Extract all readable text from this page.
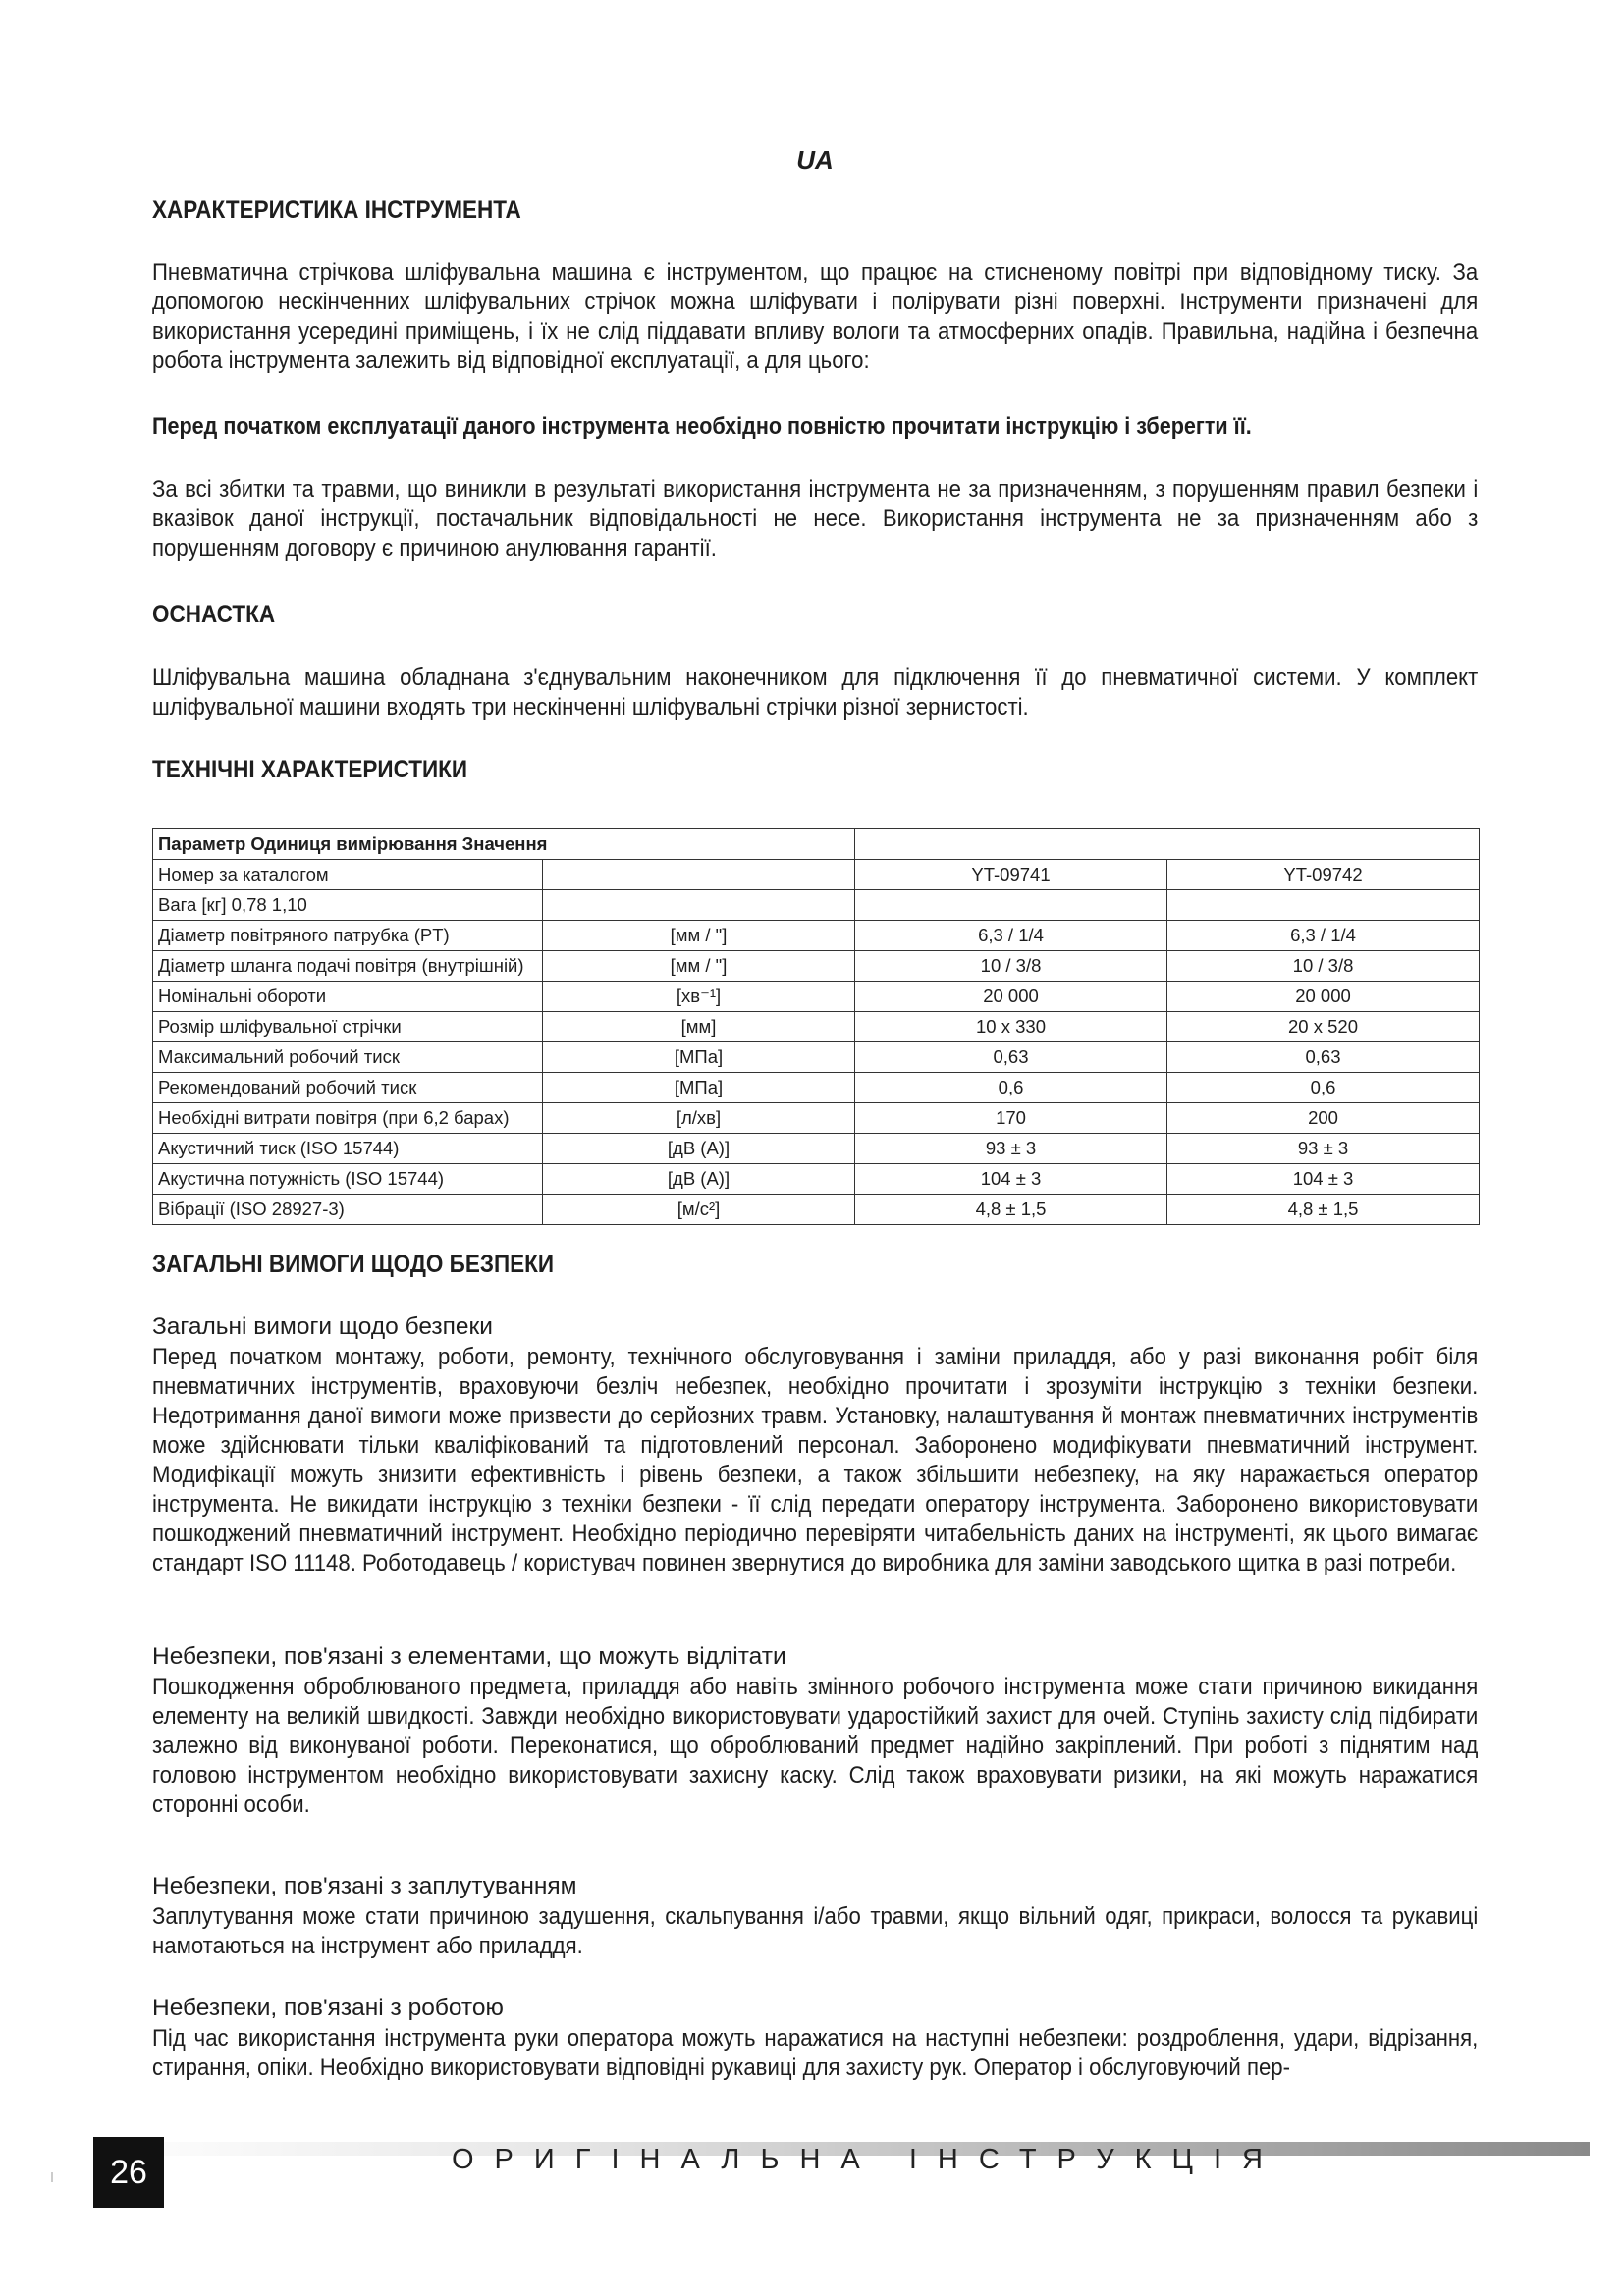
UA
ХАРАКТЕРИСТИКА ІНСТРУМЕНТА
Пневматична стрічкова шліфувальна машина є інструментом, що працює на стисненому повітрі при відповідному тиску. За допомогою нескінченних шліфувальних стрічок можна шліфувати і полірувати різні поверхні. Інструменти призначені для використання усередині приміщень, і їх не слід піддавати впливу вологи та атмосферних опадів. Правильна, надійна і безпечна робота інструмента залежить від відповідної експлуатації, а для цього:
Перед початком експлуатації даного інструмента необхідно повністю прочитати інструкцію і зберегти її.
За всі збитки та травми, що виникли в результаті використання інструмента не за призначенням, з порушенням правил безпеки і вказівок даної інструкції, постачальник відповідальності не несе. Використання інструмента не за призначенням або з порушенням договору є причиною анулювання гарантії.
ОСНАСТКА
Шліфувальна машина обладнана з'єднувальним наконечником для підключення її до пневматичної системи. У комплект шліфувальної машини входять три нескінченні шліфувальні стрічки різної зернистості.
ТЕХНІЧНІ ХАРАКТЕРИСТИКИ
Параметр Одиниця вимірювання Значення			
Номер за каталогом		YT-09741	YT-09742
Вага [кг] 0,78 1,10			
Діаметр повітряного патрубка (PT)	[мм / "]	6,3 / 1/4	6,3 / 1/4
Діаметр шланга подачі повітря (внутрішній)	[мм / "]	10 / 3/8	10 / 3/8
Номінальні обороти	[хв⁻¹]	20 000	20 000
Розмір шліфувальної стрічки	[мм]	10 x 330	20 x 520
Максимальний робочий тиск	[МПа]	0,63	0,63
Рекомендований робочий тиск	[МПа]	0,6	0,6
Необхідні витрати повітря (при 6,2 барах)	[л/хв]	170	200
Акустичний тиск (ISO 15744)	[дВ (А)]	93 ± 3	93 ± 3
Акустична потужність (ISO 15744)	[дВ (А)]	104 ± 3	104 ± 3
Вібрації (ISO 28927-3)	[м/с²]	4,8 ± 1,5	4,8 ± 1,5
ЗАГАЛЬНІ ВИМОГИ ЩОДО БЕЗПЕКИ
Загальні вимоги щодо безпеки
Перед початком монтажу, роботи, ремонту, технічного обслуговування і заміни приладдя, або у разі виконання робіт біля пневматичних інструментів, враховуючи безліч небезпек, необхідно прочитати і зрозуміти інструкцію з техніки безпеки. Недотримання даної вимоги може призвести до серйозних травм. Установку, налаштування й монтаж пневматичних інструментів може здійснювати тільки кваліфікований та підготовлений персонал. Заборонено модифікувати пневматичний інструмент. Модифікації можуть знизити ефективність і рівень безпеки, а також збільшити небезпеку, на яку наражається оператор інструмента. Не викидати інструкцію з техніки безпеки - її слід передати оператору інструмента. Заборонено використовувати пошкоджений пневматичний інструмент. Необхідно періодично перевіряти читабельність даних на інструменті, як цього вимагає стандарт ISO 11148. Роботодавець / користувач повинен звернутися до виробника для заміни заводського щитка в разі потреби.
Небезпеки, пов'язані з елементами, що можуть відлітати
Пошкодження оброблюваного предмета, приладдя або навіть змінного робочого інструмента може стати причиною викидання елементу на великій швидкості. Завжди необхідно використовувати ударостійкий захист для очей. Ступінь захисту слід підбирати залежно від виконуваної роботи. Переконатися, що оброблюваний предмет надійно закріплений. При роботі з піднятим над головою інструментом необхідно використовувати захисну каску. Слід також враховувати ризики, на які можуть наражатися сторонні особи.
Небезпеки, пов'язані з заплутуванням
Заплутування може стати причиною задушення, скальпування і/або травми, якщо вільний одяг, прикраси, волосся та рукавиці намотаються на інструмент або приладдя.
Небезпеки, пов'язані з роботою
Під час використання інструмента руки оператора можуть наражатися на наступні небезпеки: роздроблення, удари, відрізання, стирання, опіки. Необхідно використовувати відповідні рукавиці для захисту рук. Оператор і обслуговуючий пер-
26	ОРИГІНАЛЬНА ІНСТРУКЦІЯ
